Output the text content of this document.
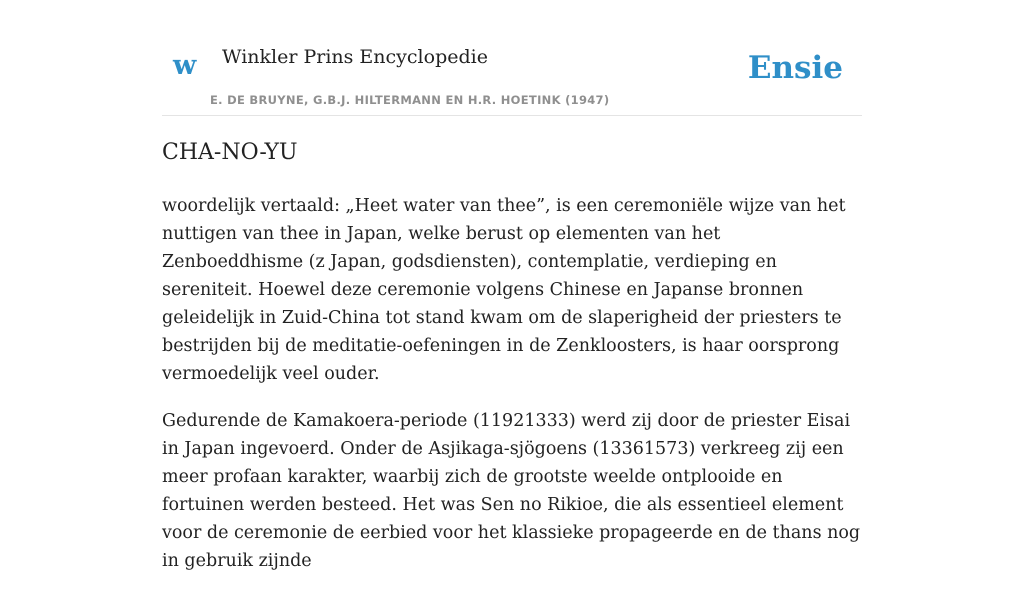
w Winkler Prins Encyclopedie
E. DE BRUYNE, G.B.J. HILTERMANN EN H.R. HOETINK (1947)
Ensie
CHA-NO-YU

woordelijk vertaald: „Heet water van thee”, is een ceremoniële wijze van het nuttigen van thee in Japan, welke berust op elementen van het Zenboeddhisme (z Japan, godsdiensten), contemplatie, verdieping en sereniteit. Hoewel deze ceremonie volgens Chinese en Japanse bronnen geleidelijk in Zuid-China tot stand kwam om de slaperigheid der priesters te bestrijden bij de meditatie-oefeningen in de Zenkloosters, is haar oorsprong vermoedelijk veel ouder.

Gedurende de Kamakoera-periode (11921333) werd zij door de priester Eisai in Japan ingevoerd. Onder de Asjikaga-sjögoens (13361573) verkreeg zij een meer profaan karakter, waarbij zich de grootste weelde ontplooide en fortuinen werden besteed. Het was Sen no Rikioe, die als essentieel element voor de ceremonie de eerbied voor het klassieke propageerde en de thans nog in gebruik zijnde
